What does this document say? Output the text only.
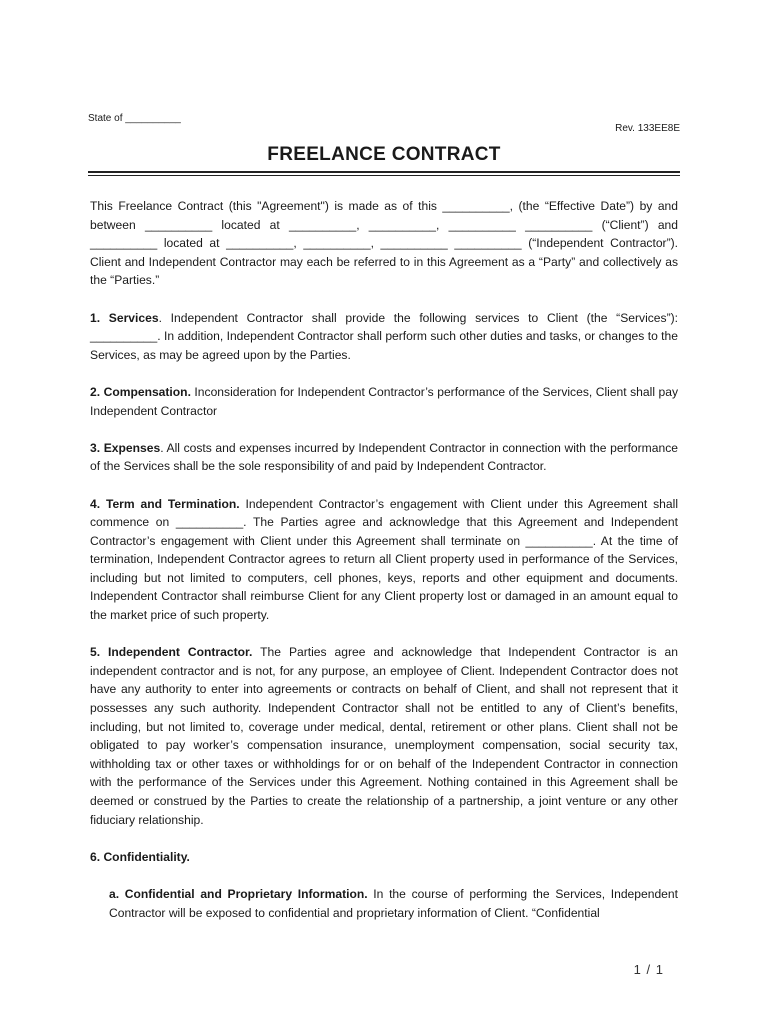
State of __________
Rev. 133EE8E
FREELANCE CONTRACT

This Freelance Contract (this "Agreement") is made as of this __________, (the “Effective Date”) by and between __________ located at __________, __________, __________ __________ (“Client”) and __________ located at __________, __________, __________ __________ (“Independent Contractor”). Client and Independent Contractor may each be referred to in this Agreement as a “Party” and collectively as the “Parties.”

1. Services. Independent Contractor shall provide the following services to Client (the “Services”): __________. In addition, Independent Contractor shall perform such other duties and tasks, or changes to the Services, as may be agreed upon by the Parties.

2. Compensation. Inconsideration for Independent Contractor’s performance of the Services, Client shall pay Independent Contractor

3. Expenses. All costs and expenses incurred by Independent Contractor in connection with the performance of the Services shall be the sole responsibility of and paid by Independent Contractor.

4. Term and Termination. Independent Contractor’s engagement with Client under this Agreement shall commence on __________. The Parties agree and acknowledge that this Agreement and Independent Contractor’s engagement with Client under this Agreement shall terminate on __________. At the time of termination, Independent Contractor agrees to return all Client property used in performance of the Services, including but not limited to computers, cell phones, keys, reports and other equipment and documents. Independent Contractor shall reimburse Client for any Client property lost or damaged in an amount equal to the market price of such property.

5. Independent Contractor. The Parties agree and acknowledge that Independent Contractor is an independent contractor and is not, for any purpose, an employee of Client. Independent Contractor does not have any authority to enter into agreements or contracts on behalf of Client, and shall not represent that it possesses any such authority. Independent Contractor shall not be entitled to any of Client’s benefits, including, but not limited to, coverage under medical, dental, retirement or other plans. Client shall not be obligated to pay worker’s compensation insurance, unemployment compensation, social security tax, withholding tax or other taxes or withholdings for or on behalf of the Independent Contractor in connection with the performance of the Services under this Agreement. Nothing contained in this Agreement shall be deemed or construed by the Parties to create the relationship of a partnership, a joint venture or any other fiduciary relationship.

6. Confidentiality.

a. Confidential and Proprietary Information. In the course of performing the Services, Independent Contractor will be exposed to confidential and proprietary information of Client. “Confidential

1 / 1
